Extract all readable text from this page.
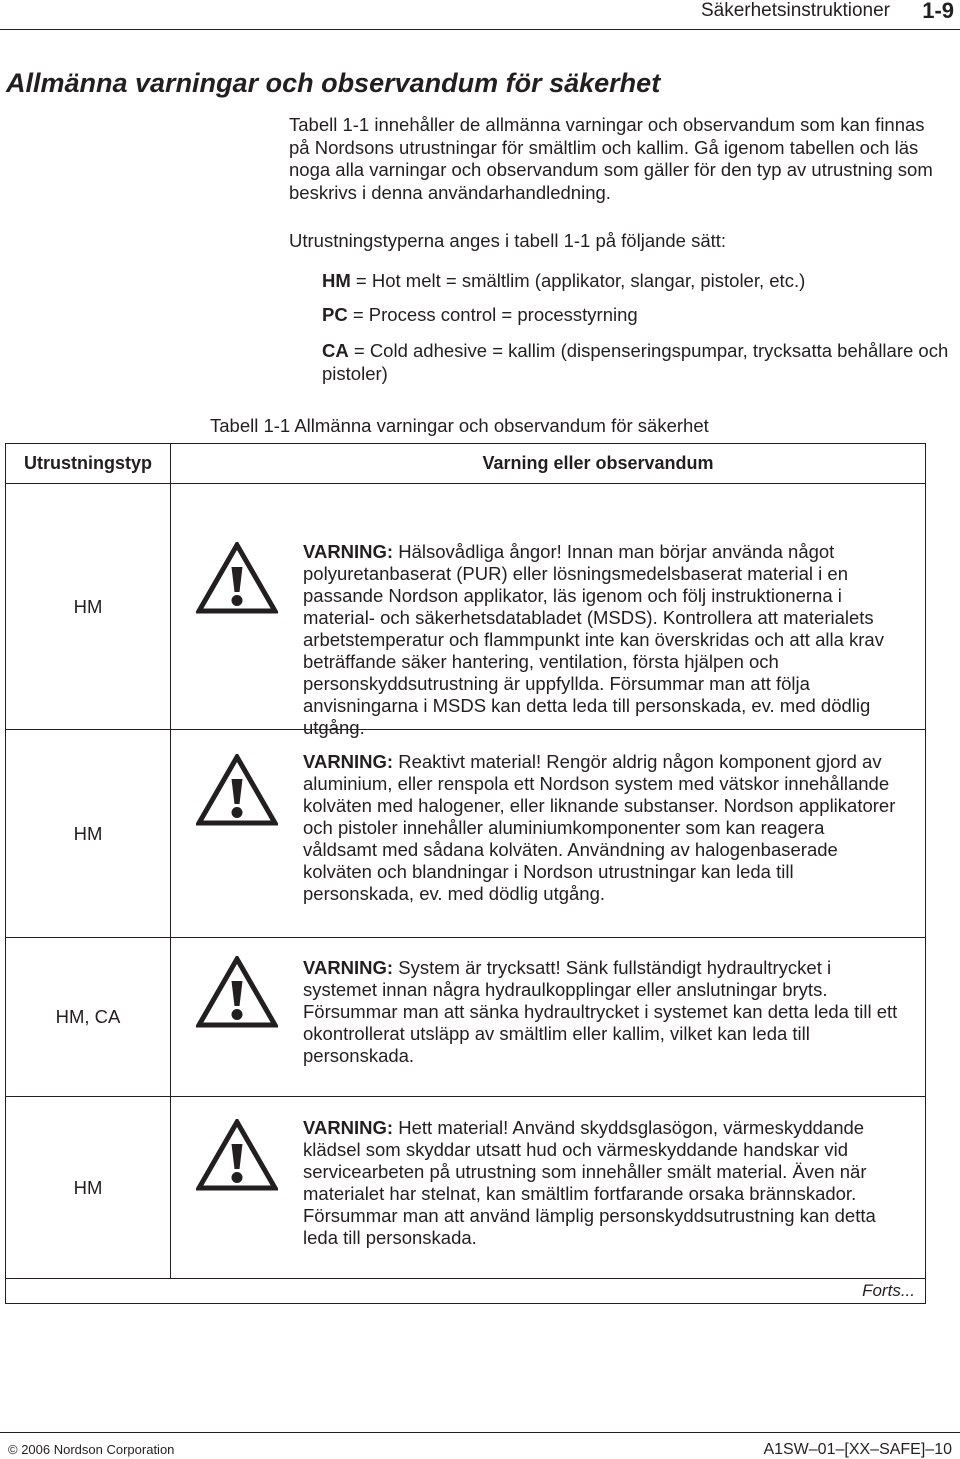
Säkerhetsinstruktioner 1-9
Allmänna varningar och observandum för säkerhet
Tabell 1-1 innehåller de allmänna varningar och observandum som kan finnas på Nordsons utrustningar för smältlim och kallim. Gå igenom tabellen och läs noga alla varningar och observandum som gäller för den typ av utrustning som beskrivs i denna användarhandledning.
Utrustningstyperna anges i tabell 1-1 på följande sätt:
HM = Hot melt = smältlim (applikator, slangar, pistoler, etc.)
PC = Process control = processtyrning
CA = Cold adhesive = kallim (dispenseringspumpar, trycksatta behållare och pistoler)
Tabell 1-1 Allmänna varningar och observandum för säkerhet
Utrustningstyp	Varning eller observandum
HM
VARNING: Hälsovådliga ångor! Innan man börjar använda något polyuretanbaserat (PUR) eller lösningsmedelsbaserat material i en passande Nordson applikator, läs igenom och följ instruktionerna i material- och säkerhetsdatabladet (MSDS). Kontrollera att materialets arbetstemperatur och flammpunkt inte kan överskridas och att alla krav beträffande säker hantering, ventilation, första hjälpen och personskyddsutrustning är uppfyllda. Försummar man att följa anvisningarna i MSDS kan detta leda till personskada, ev. med dödlig utgång.
HM
VARNING: Reaktivt material! Rengör aldrig någon komponent gjord av aluminium, eller renspola ett Nordson system med vätskor innehållande kolväten med halogener, eller liknande substanser. Nordson applikatorer och pistoler innehåller aluminiumkomponenter som kan reagera våldsamt med sådana kolväten. Användning av halogenbaserade kolväten och blandningar i Nordson utrustningar kan leda till personskada, ev. med dödlig utgång.
HM, CA
VARNING: System är trycksatt! Sänk fullständigt hydraultrycket i systemet innan några hydraulkopplingar eller anslutningar bryts. Försummar man att sänka hydraultrycket i systemet kan detta leda till ett okontrollerat utsläpp av smältlim eller kallim, vilket kan leda till personskada.
HM
VARNING: Hett material! Använd skyddsglasögon, värmeskyddande klädsel som skyddar utsatt hud och värmeskyddande handskar vid servicearbeten på utrustning som innehåller smält material. Även när materialet har stelnat, kan smältlim fortfarande orsaka brännskador. Försummar man att använd lämplig personskyddsutrustning kan detta leda till personskada.
Forts...
© 2006 Nordson Corporation	A1SW–01–[XX–SAFE]–10
